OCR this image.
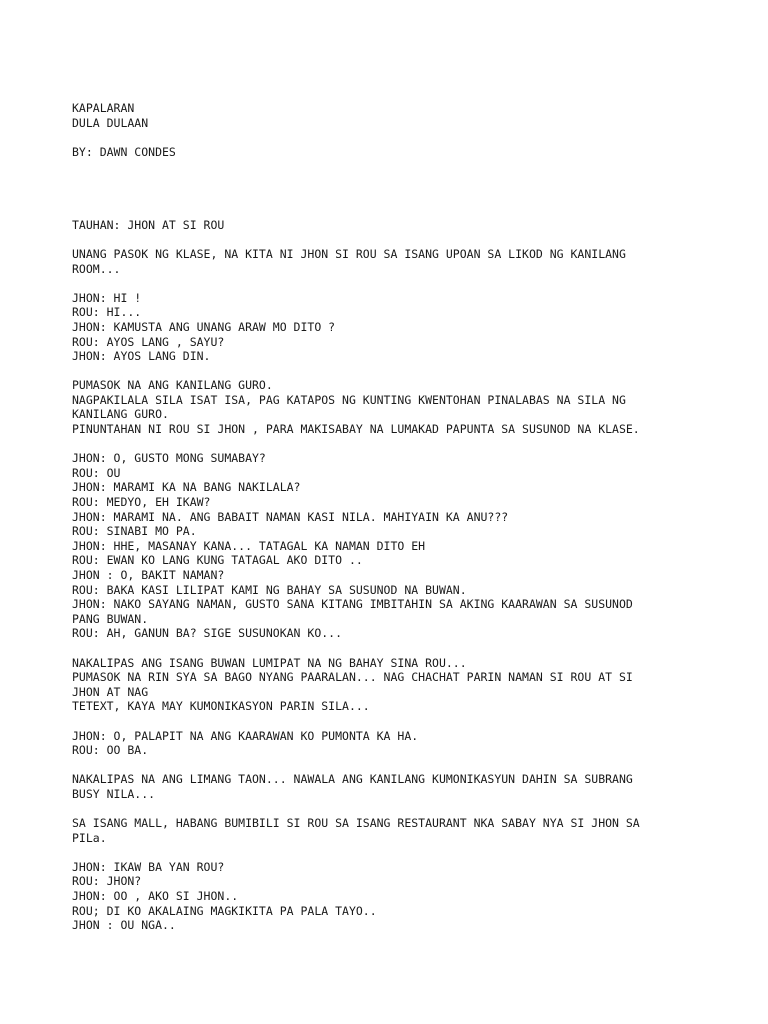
KAPALARAN
DULA DULAAN
BY: DAWN CONDES
TAUHAN: JHON AT SI ROU
UNANG PASOK NG KLASE, NA KITA NI JHON SI ROU SA ISANG UPOAN SA LIKOD NG KANILANG
ROOM...
JHON: HI !
ROU: HI...
JHON: KAMUSTA ANG UNANG ARAW MO DITO ?
ROU: AYOS LANG , SAYU?
JHON: AYOS LANG DIN.
PUMASOK NA ANG KANILANG GURO.
NAGPAKILALA SILA ISAT ISA, PAG KATAPOS NG KUNTING KWENTOHAN PINALABAS NA SILA NG
KANILANG GURO.
PINUNTAHAN NI ROU SI JHON , PARA MAKISABAY NA LUMAKAD PAPUNTA SA SUSUNOD NA KLASE.
JHON: O, GUSTO MONG SUMABAY?
ROU: OU
JHON: MARAMI KA NA BANG NAKILALA?
ROU: MEDYO, EH IKAW?
JHON: MARAMI NA. ANG BABAIT NAMAN KASI NILA. MAHIYAIN KA ANU???
ROU: SINABI MO PA.
JHON: HHE, MASANAY KANA... TATAGAL KA NAMAN DITO EH
ROU: EWAN KO LANG KUNG TATAGAL AKO DITO ..
JHON : O, BAKIT NAMAN?
ROU: BAKA KASI LILIPAT KAMI NG BAHAY SA SUSUNOD NA BUWAN.
JHON: NAKO SAYANG NAMAN, GUSTO SANA KITANG IMBITAHIN SA AKING KAARAWAN SA SUSUNOD
PANG BUWAN.
ROU: AH, GANUN BA? SIGE SUSUNOKAN KO...
NAKALIPAS ANG ISANG BUWAN LUMIPAT NA NG BAHAY SINA ROU...
PUMASOK NA RIN SYA SA BAGO NYANG PAARALAN... NAG CHACHAT PARIN NAMAN SI ROU AT SI
JHON AT NAG
TETEXT, KAYA MAY KUMONIKASYON PARIN SILA...
JHON: O, PALAPIT NA ANG KAARAWAN KO PUMONTA KA HA.
ROU: OO BA.
NAKALIPAS NA ANG LIMANG TAON... NAWALA ANG KANILANG KUMONIKASYUN DAHIN SA SUBRANG
BUSY NILA...
SA ISANG MALL, HABANG BUMIBILI SI ROU SA ISANG RESTAURANT NKA SABAY NYA SI JHON SA
PILa.
JHON: IKAW BA YAN ROU?
ROU: JHON?
JHON: OO , AKO SI JHON..
ROU; DI KO AKALAING MAGKIKITA PA PALA TAYO..
JHON : OU NGA..
